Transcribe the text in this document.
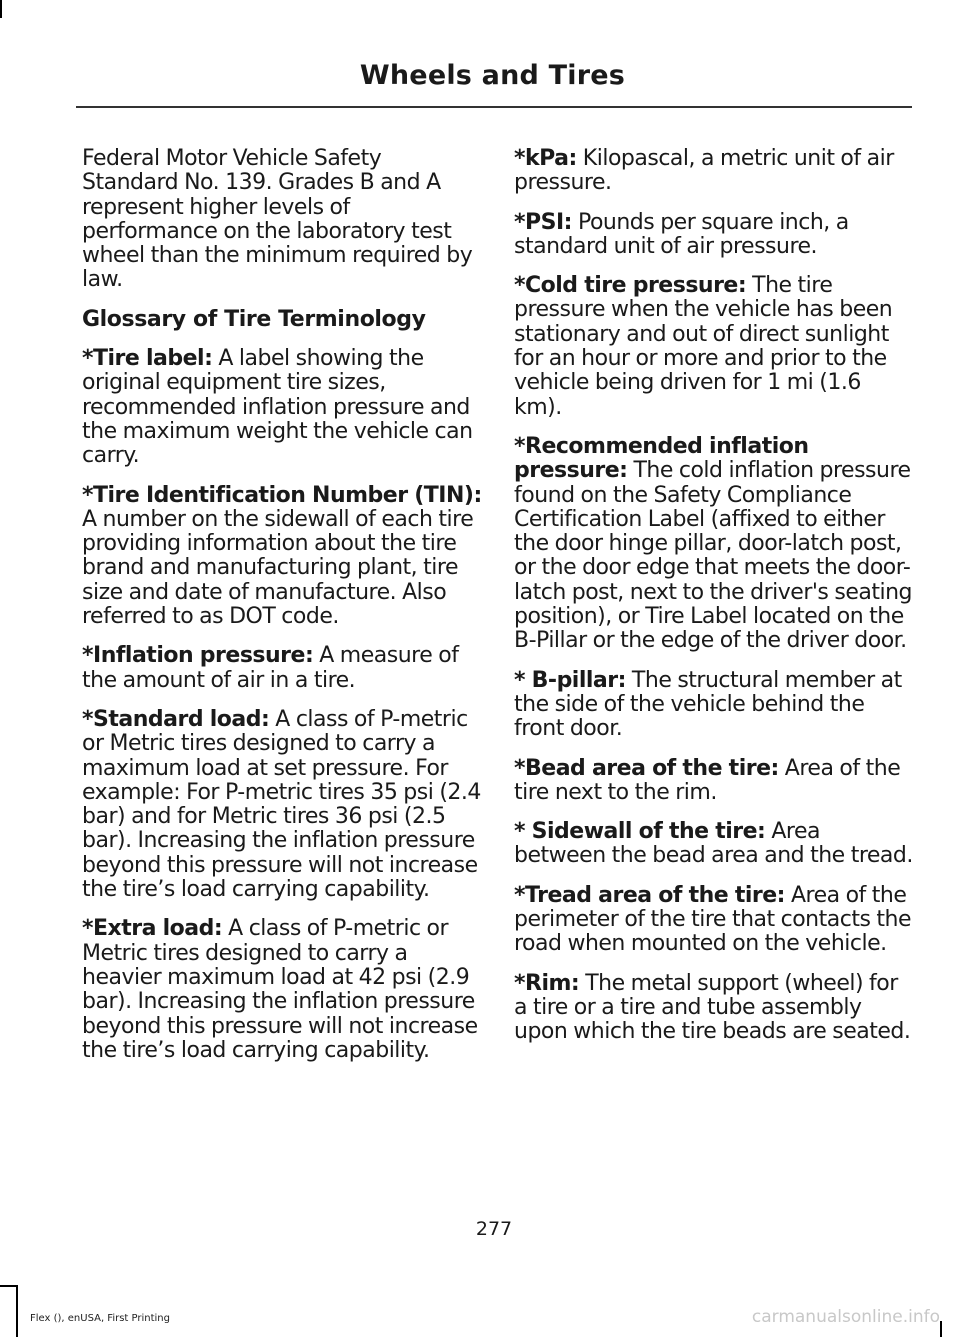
Wheels and Tires

Federal Motor Vehicle Safety Standard No. 139. Grades B and A represent higher levels of performance on the laboratory test wheel than the minimum required by law.

Glossary of Tire Terminology

*Tire label: A label showing the original equipment tire sizes, recommended inflation pressure and the maximum weight the vehicle can carry.

*Tire Identification Number (TIN): A number on the sidewall of each tire providing information about the tire brand and manufacturing plant, tire size and date of manufacture. Also referred to as DOT code.

*Inflation pressure: A measure of the amount of air in a tire.

*Standard load: A class of P-metric or Metric tires designed to carry a maximum load at set pressure. For example: For P-metric tires 35 psi (2.4 bar) and for Metric tires 36 psi (2.5 bar). Increasing the inflation pressure beyond this pressure will not increase the tire’s load carrying capability.

*Extra load: A class of P-metric or Metric tires designed to carry a heavier maximum load at 42 psi (2.9 bar). Increasing the inflation pressure beyond this pressure will not increase the tire’s load carrying capability.

*kPa: Kilopascal, a metric unit of air pressure.

*PSI: Pounds per square inch, a standard unit of air pressure.

*Cold tire pressure: The tire pressure when the vehicle has been stationary and out of direct sunlight for an hour or more and prior to the vehicle being driven for 1 mi (1.6 km).

*Recommended inflation pressure: The cold inflation pressure found on the Safety Compliance Certification Label (affixed to either the door hinge pillar, door-latch post, or the door edge that meets the door-latch post, next to the driver's seating position), or Tire Label located on the B-Pillar or the edge of the driver door.

* B-pillar: The structural member at the side of the vehicle behind the front door.

*Bead area of the tire: Area of the tire next to the rim.

* Sidewall of the tire: Area between the bead area and the tread.

*Tread area of the tire: Area of the perimeter of the tire that contacts the road when mounted on the vehicle.

*Rim: The metal support (wheel) for a tire or a tire and tube assembly upon which the tire beads are seated.

277
Flex (), enUSA, First Printing	carmanualsonline.info
